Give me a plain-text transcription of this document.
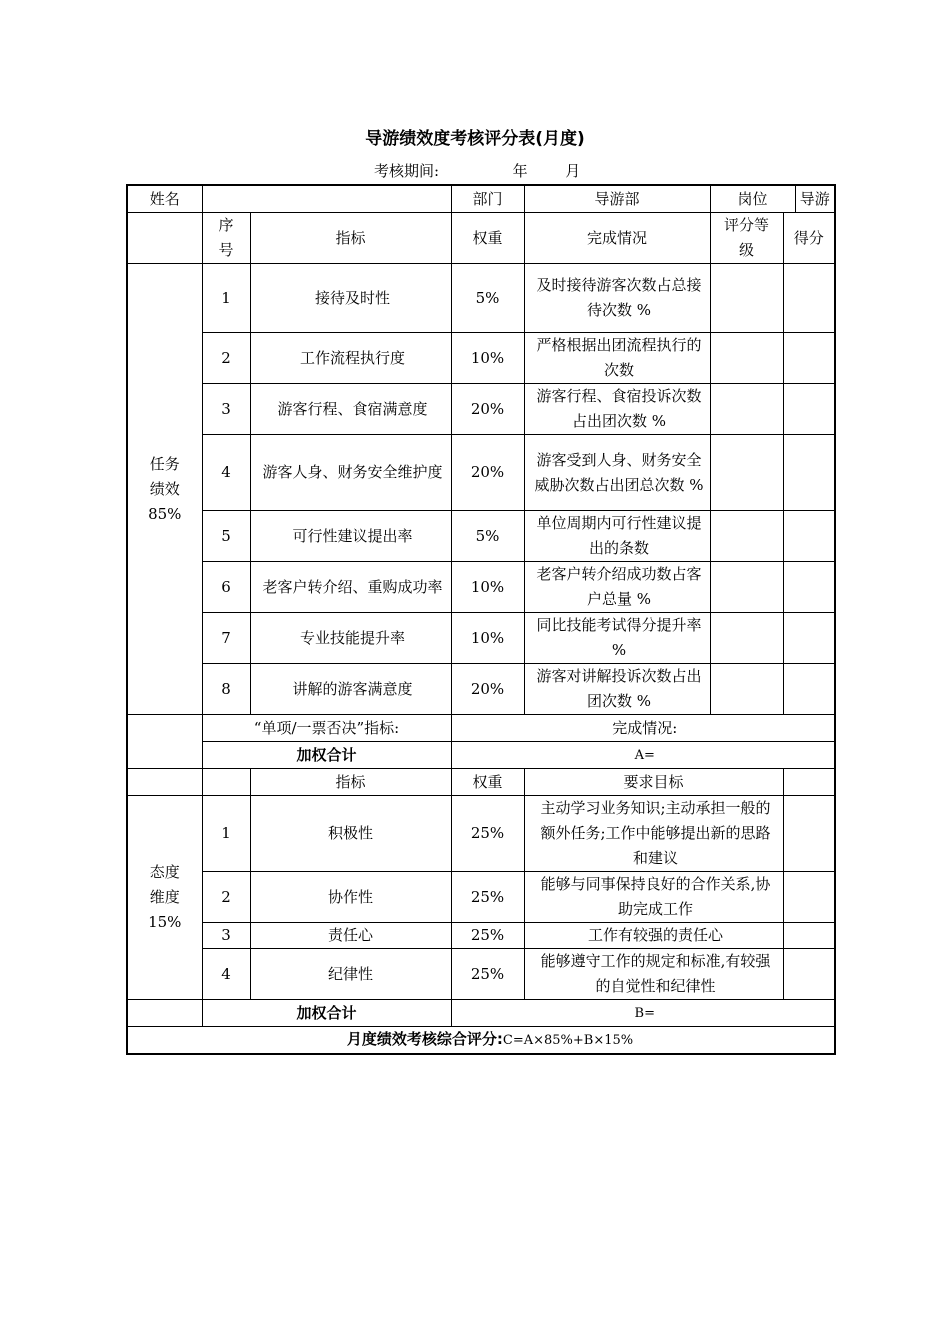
导游绩效度考核评分表(月度)
考核期间:	年	月
姓名			部门	导游部	岗位 导游	

	序号	指标	权重	完成情况	评分等级	得分

任务
绩效
85%	1	接待及时性	5%	及时接待游客次数占总接待次数 %		
	2	工作流程执行度	10%	严格根据出团流程执行的次数		
	3	游客行程、食宿满意度	20%	游客行程、食宿投诉次数占出团次数 %		
	4	游客人身、财务安全维护度	20%	游客受到人身、财务安全威胁次数占出团总次数 %		
	5	可行性建议提出率	5%	单位周期内可行性建议提出的条数		
	6	老客户转介绍、重购成功率	10%	老客户转介绍成功数占客户总量 %		
	7	专业技能提升率	10%	同比技能考试得分提升率 %		
	8	讲解的游客满意度	20%	游客对讲解投诉次数占出团次数 %		
	“单项/一票否决”指标:		完成情况:			
	加权合计		A=			
		指标	权重	要求目标		

态度
维度
15%	1	积极性	25%	主动学习业务知识;主动承担一般的额外任务;工作中能够提出新的思路和建议		
	2	协作性	25%	能够与同事保持良好的合作关系,协助完成工作		
	3	责任心	25%	工作有较强的责任心		
	4	纪律性	25%	能够遵守工作的规定和标准,有较强的自觉性和纪律性		
	加权合计		B=			
月度绩效考核综合评分:C=A×85%+B×15%						
